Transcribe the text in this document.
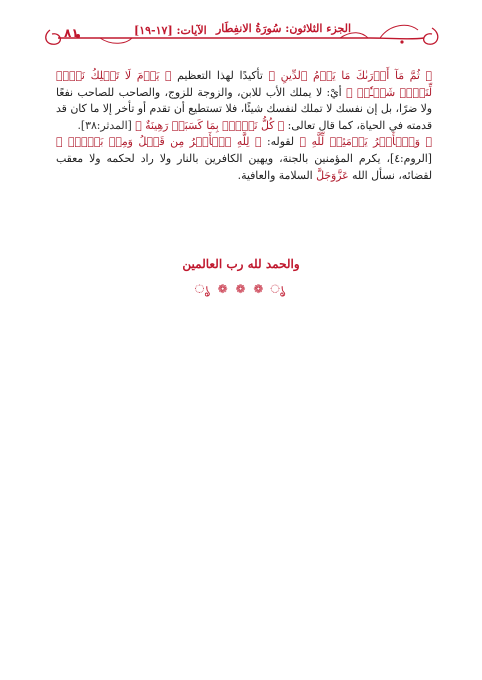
٨١	الآيات: [١٧-١٩] الجزء الثلاثون: سُورَةُ الانفِطَار

﴿ ثُمَّ مَآ أَدۡرَىٰكَ مَا يَوۡمُ ٱلدِّينِ ﴾ تأكيدًا لهذا التعظيم ﴿ يَوۡمَ لَا تَمۡلِكُ نَفۡسٞ لِّنَفۡسٖ شَيۡـٔٗاۖ ﴾ أيْ: لا يملك الأب للابن، والزوجة للزوج، والصاحب للصاحب نفعًا ولا ضرًا، بل إن نفسك لا تملك لنفسك شيئًا، فلا تستطيع أن تقدم أو تأخر إلا ما كان قد قدمته في الحياة، كما قال تعالى: ﴿ كُلُّ نَفۡسِۭ بِمَا كَسَبَتۡ رَهِينَةٌ ﴾ [المدثر:٣٨].

﴿ وَٱلۡأَمۡرُ يَوۡمَئِذٖ لِّلَّهِ ﴾ لقوله: ﴿ لِلَّهِ ٱلۡأَمۡرُ مِن قَبۡلُ وَمِنۢ بَعۡدُۚ ﴾ [الروم:٤]، يكرم المؤمنين بالجنة، ويهين الكافرين بالنار ولا راد لحكمه ولا معقب لقضائه، نسأل الله عَزَّوَجَلَّ السلامة والعافية.

والحمد لله رب العالمين
ൃ ❁ ❁ ❁ ൃ
